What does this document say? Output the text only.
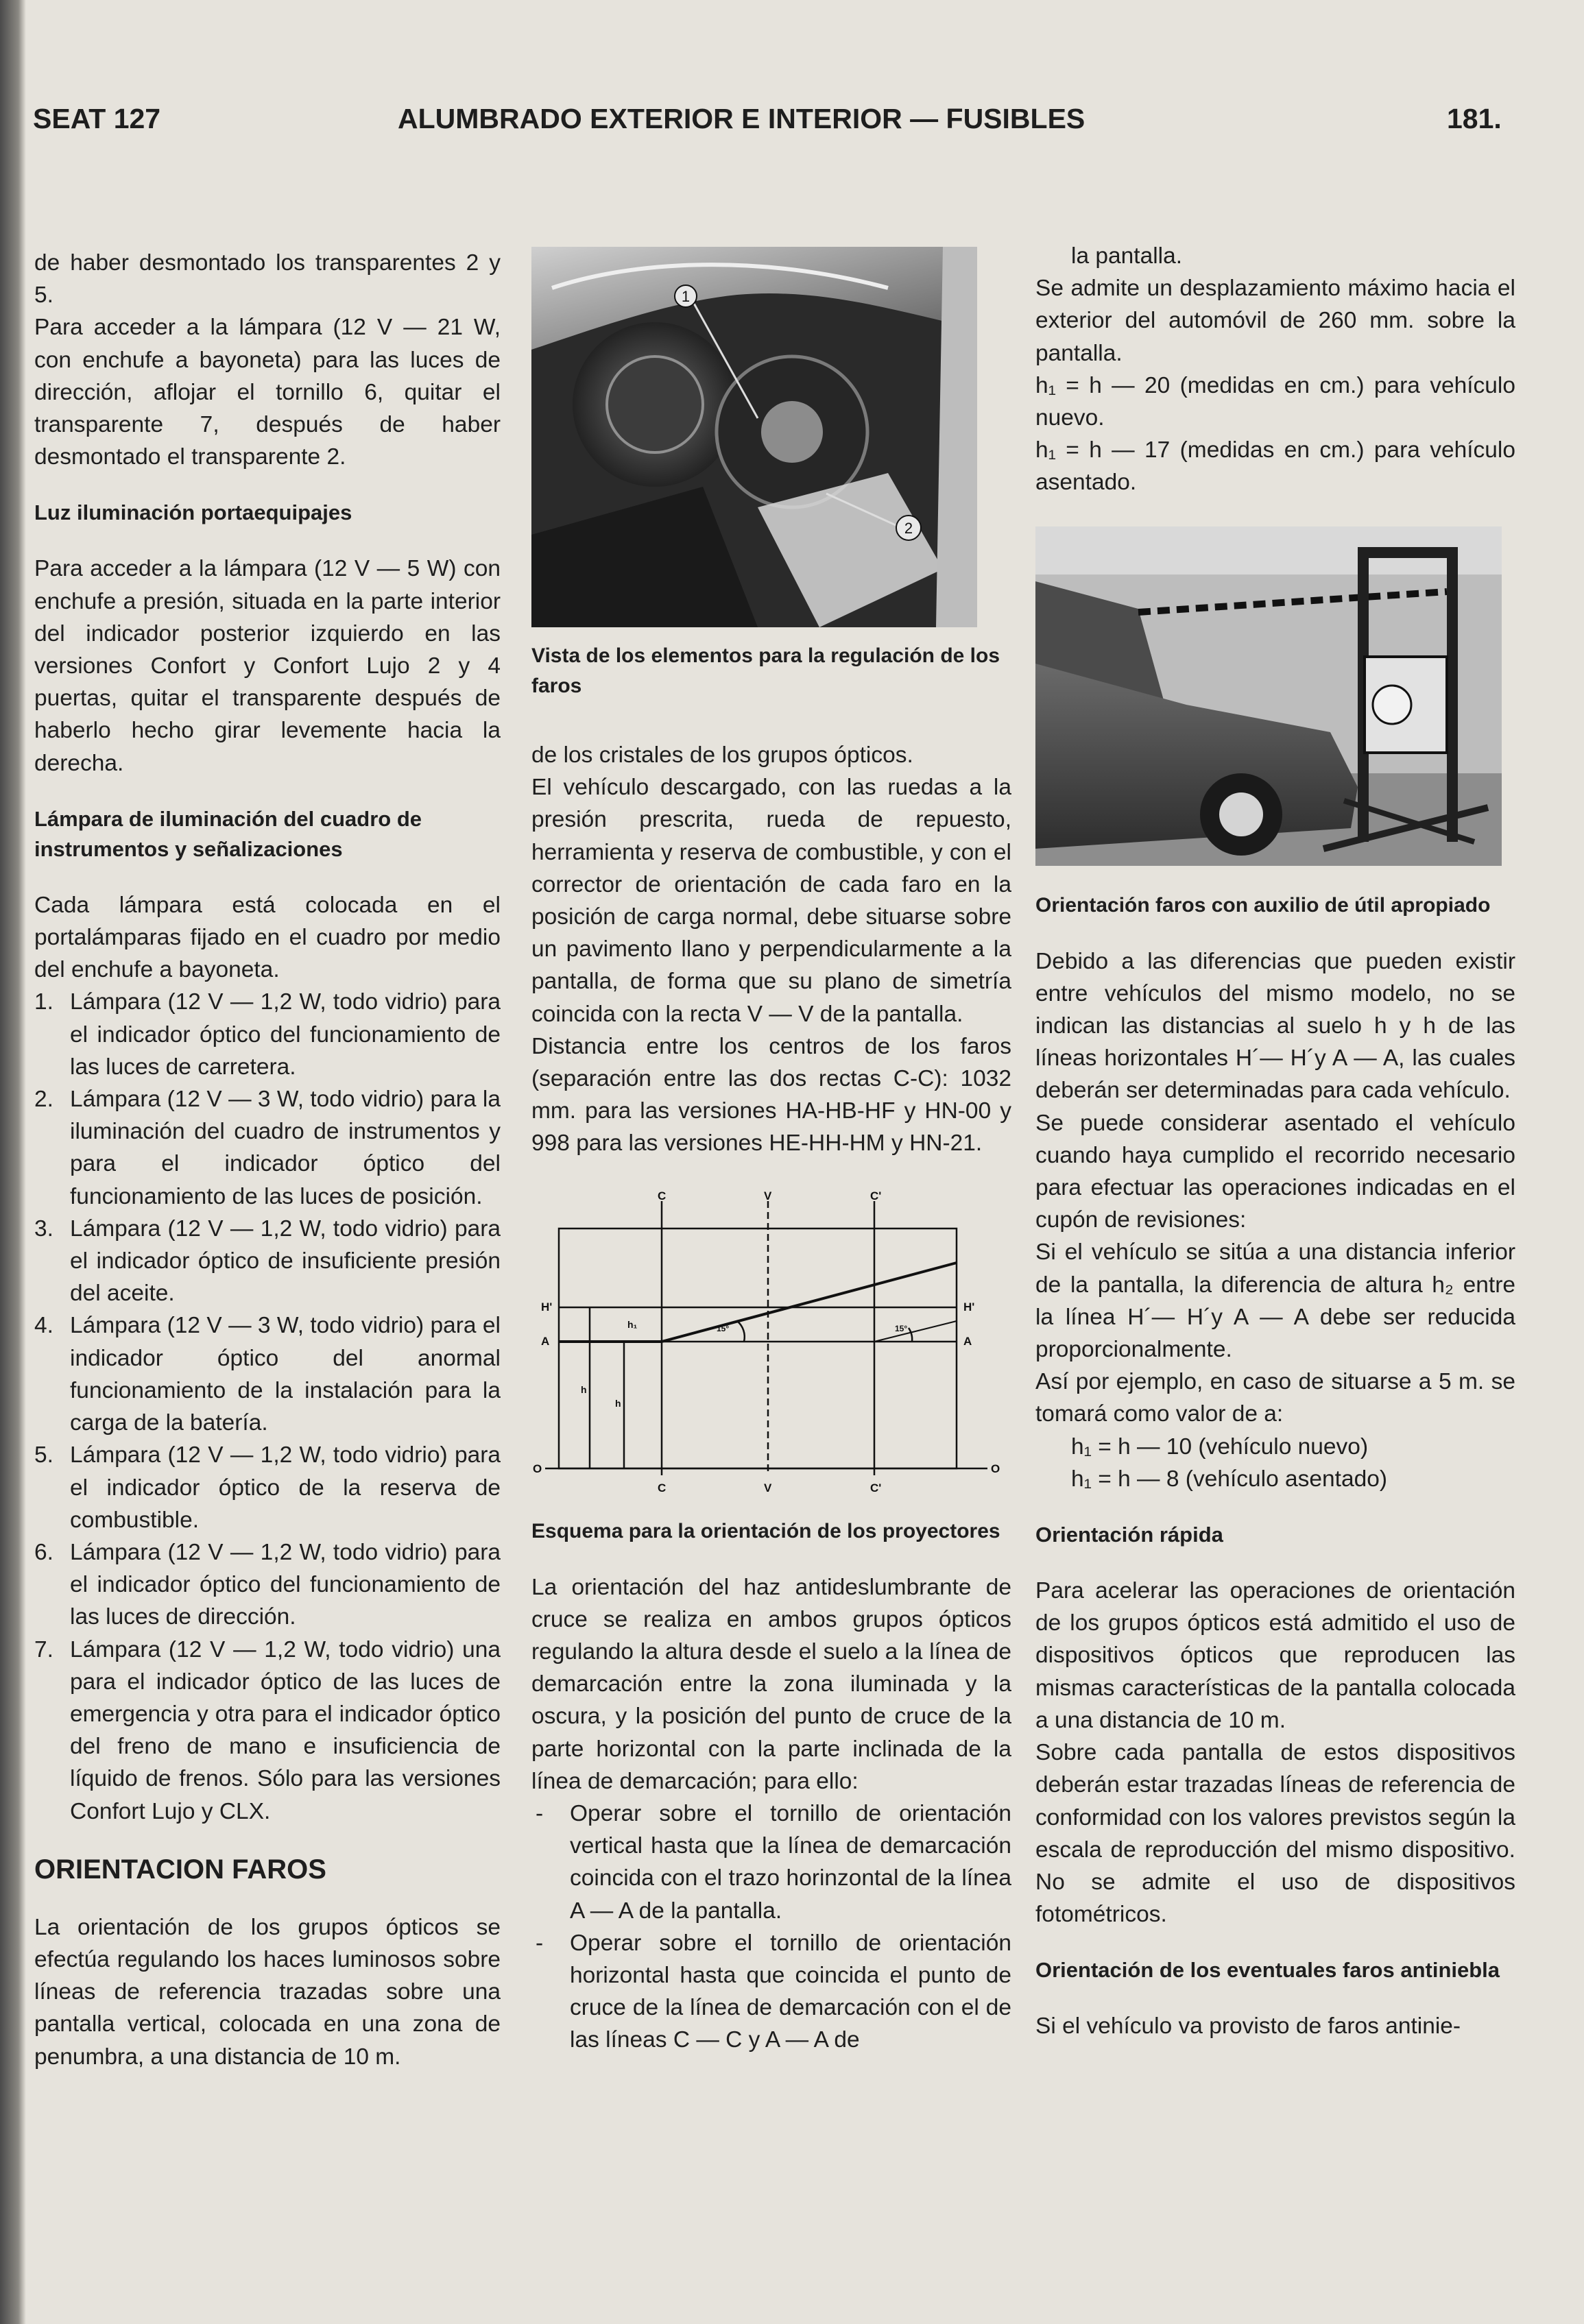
SEAT 127	ALUMBRADO EXTERIOR E INTERIOR — FUSIBLES	181.

de haber desmontado los transparentes 2 y 5.

Para acceder a la lámpara (12 V — 21 W, con enchufe a bayoneta) para las luces de dirección, aflojar el tornillo 6, quitar el transparente 7, después de haber desmontado el transparente 2.

Luz iluminación portaequipajes

Para acceder a la lámpara (12 V — 5 W) con enchufe a presión, situada en la parte interior del indicador posterior izquierdo en las versiones Confort y Confort Lujo 2 y 4 puertas, quitar el transparente después de haberlo hecho girar levemente hacia la derecha.

Lámpara de iluminación del cuadro de instrumentos y señalizaciones

Cada lámpara está colocada en el portalámparas fijado en el cuadro por medio del enchufe a bayoneta.

1. Lámpara (12 V — 1,2 W, todo vidrio) para el indicador óptico del funcionamiento de las luces de carretera.
2. Lámpara (12 V — 3 W, todo vidrio) para la iluminación del cuadro de instrumentos y para el indicador óptico del funcionamiento de las luces de posición.
3. Lámpara (12 V — 1,2 W, todo vidrio) para el indicador óptico de insuficiente presión del aceite.
4. Lámpara (12 V — 3 W, todo vidrio) para el indicador óptico del anormal funcionamiento de la instalación para la carga de la batería.
5. Lámpara (12 V — 1,2 W, todo vidrio) para el indicador óptico de la reserva de combustible.
6. Lámpara (12 V — 1,2 W, todo vidrio) para el indicador óptico del funcionamiento de las luces de dirección.
7. Lámpara (12 V — 1,2 W, todo vidrio) una para el indicador óptico de las luces de emergencia y otra para el indicador óptico del freno de mano e insuficiencia de líquido de frenos. Sólo para las versiones Confort Lujo y CLX.

ORIENTACION FAROS

La orientación de los grupos ópticos se efectúa regulando los haces luminosos sobre líneas de referencia trazadas sobre una pantalla vertical, colocada en una zona de penumbra, a una distancia de 10 m.

1
2

Vista de los elementos para la regulación de los faros

de los cristales de los grupos ópticos.

El vehículo descargado, con las ruedas a la presión prescrita, rueda de repuesto, herramienta y reserva de combustible, y con el corrector de orientación de cada faro en la posición de carga normal, debe situarse sobre un pavimento llano y perpendicularmente a la pantalla, de forma que su plano de simetría coincida con la recta V — V de la pantalla.

Distancia entre los centros de los faros (separación entre las dos rectas C-C): 1032 mm. para las versiones HA-HB-HF y HN-00 y 998 para las versiones HE-HH-HM y HN-21.

C	V	C'
C	V	C'
H'
A
O
H'
A
O
15°	15°
h
h
h₁

Esquema para la orientación de los proyectores

La orientación del haz antideslumbrante de cruce se realiza en ambos grupos ópticos regulando la altura desde el suelo a la línea de demarcación entre la zona iluminada y la oscura, y la posición del punto de cruce de la parte horizontal con la parte inclinada de la línea de demarcación; para ello:

- Operar sobre el tornillo de orientación vertical hasta que la línea de demarcación coincida con el trazo horinzontal de la línea A — A de la pantalla.
- Operar sobre el tornillo de orientación horizontal hasta que coincida el punto de cruce de la línea de demarcación con el de las líneas C — C y A — A de

la pantalla.

Se admite un desplazamiento máximo hacia el exterior del automóvil de 260 mm. sobre la pantalla.

h₁ = h — 20 (medidas en cm.) para vehículo nuevo.

h₁ = h — 17 (medidas en cm.) para vehículo asentado.

Orientación faros con auxilio de útil apropiado

Debido a las diferencias que pueden existir entre vehículos del mismo modelo, no se indican las distancias al suelo h y h de las líneas horizontales H´— H´y A — A, las cuales deberán ser determinadas para cada vehículo.

Se puede considerar asentado el vehículo cuando haya cumplido el recorrido necesario para efectuar las operaciones indicadas en el cupón de revisiones:

Si el vehículo se sitúa a una distancia inferior de la pantalla, la diferencia de altura h₂ entre la línea H´— H´y A — A debe ser reducida proporcionalmente.

Así por ejemplo, en caso de situarse a 5 m. se tomará como valor de a:

h₁ = h — 10 (vehículo nuevo)

h₁ = h — 8 (vehículo asentado)

Orientación rápida

Para acelerar las operaciones de orientación de los grupos ópticos está admitido el uso de dispositivos ópticos que reproducen las mismas características de la pantalla colocada a una distancia de 10 m.

Sobre cada pantalla de estos dispositivos deberán estar trazadas líneas de referencia de conformidad con los valores previstos según la escala de reproducción del mismo dispositivo. No se admite el uso de dispositivos fotométricos.

Orientación de los eventuales faros antiniebla

Si el vehículo va provisto de faros antinie-
